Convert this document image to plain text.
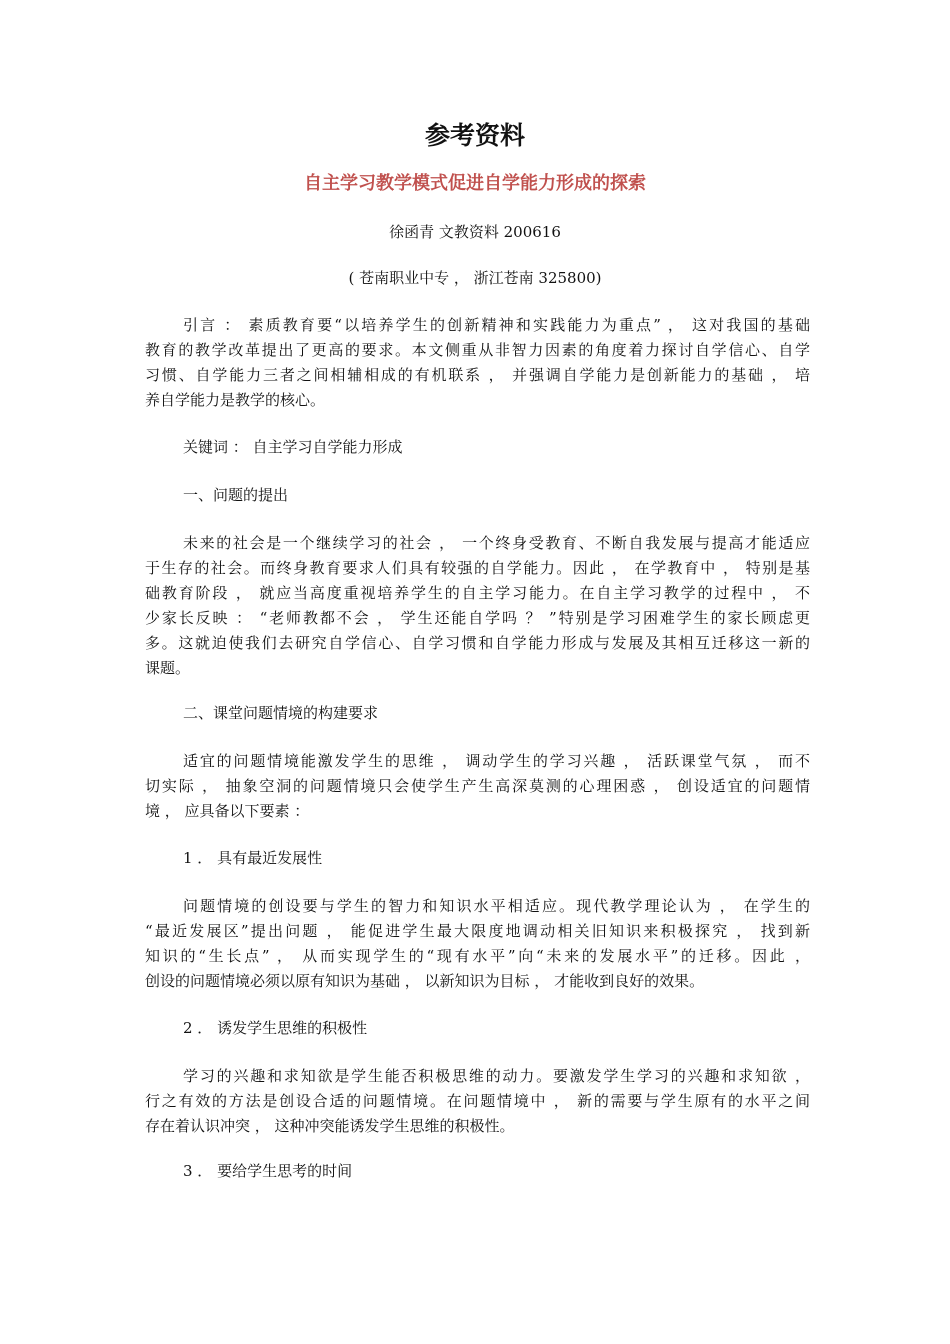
参考资料
自主学习教学模式促进自学能力形成的探索
徐函青 文教资料 200616
( 苍南职业中专 ， 浙江苍南 325800)
引言 ： 素质教育要“以培养学生的创新精神和实践能力为重点” ， 这对我国的基础
教育的教学改革提出了更高的要求。本文侧重从非智力因素的角度着力探讨自学信心、自学
习惯、自学能力三者之间相辅相成的有机联系 ， 并强调自学能力是创新能力的基础 ， 培
养自学能力是教学的核心。
关键词 ： 自主学习自学能力形成
一、问题的提出
未来的社会是一个继续学习的社会 ， 一个终身受教育、不断自我发展与提高才能适应
于生存的社会。而终身教育要求人们具有较强的自学能力。因此 ， 在学教育中 ， 特别是基
础教育阶段 ， 就应当高度重视培养学生的自主学习能力。在自主学习教学的过程中 ， 不
少家长反映 ： “老师教都不会 ， 学生还能自学吗 ？ ”特别是学习困难学生的家长顾虑更
多。这就迫使我们去研究自学信心、自学习惯和自学能力形成与发展及其相互迁移这一新的
课题。
二、课堂问题情境的构建要求
适宜的问题情境能激发学生的思维 ， 调动学生的学习兴趣 ， 活跃课堂气氛 ， 而不
切实际 ， 抽象空洞的问题情境只会使学生产生高深莫测的心理困惑 ， 创设适宜的问题情
境 ， 应具备以下要素 ：
1 ． 具有最近发展性
问题情境的创设要与学生的智力和知识水平相适应。现代教学理论认为 ， 在学生的
“最近发展区”提出问题 ， 能促进学生最大限度地调动相关旧知识来积极探究 ， 找到新
知识的“生长点” ， 从而实现学生的“现有水平”向“未来的发展水平”的迁移。因此 ，
创设的问题情境必须以原有知识为基础 ， 以新知识为目标 ， 才能收到良好的效果。
2 ． 诱发学生思维的积极性
学习的兴趣和求知欲是学生能否积极思维的动力。要激发学生学习的兴趣和求知欲 ，
行之有效的方法是创设合适的问题情境。在问题情境中 ， 新的需要与学生原有的水平之间
存在着认识冲突 ， 这种冲突能诱发学生思维的积极性。
3 ． 要给学生思考的时间
